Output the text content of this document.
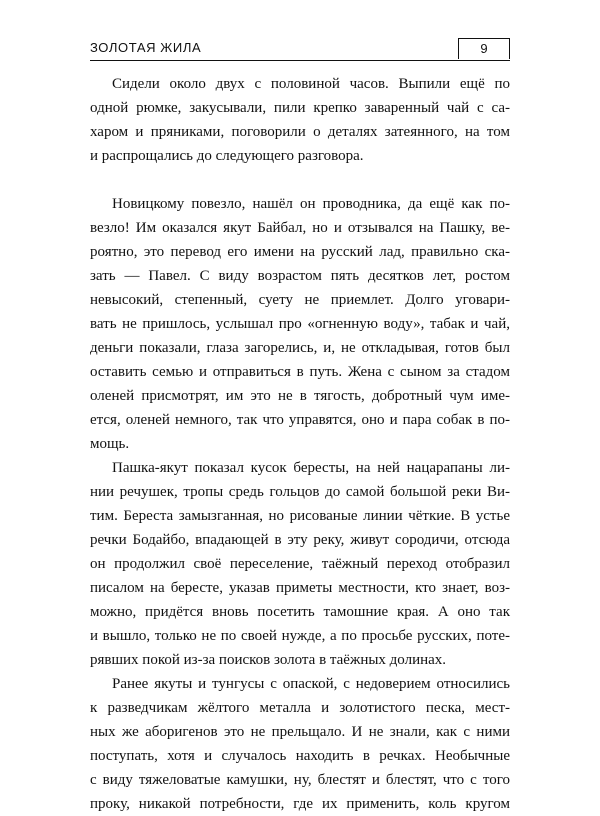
ЗОЛОТАЯ ЖИЛА	9
Сидели около двух с половиной часов. Выпили ещё по
одной рюмке, закусывали, пили крепко заваренный чай с са-
харом и пряниками, поговорили о деталях затеянного, на том
и распрощались до следующего разговора.
Новицкому повезло, нашёл он проводника, да ещё как по-
везло! Им оказался якут Байбал, но и отзывался на Пашку, ве-
роятно, это перевод его имени на русский лад, правильно ска-
зать — Павел. С виду возрастом пять десятков лет, ростом
невысокий, степенный, суету не приемлет. Долго уговари-
вать не пришлось, услышал про «огненную воду», табак и чай,
деньги показали, глаза загорелись, и, не откладывая, готов был
оставить семью и отправиться в путь. Жена с сыном за стадом
оленей присмотрят, им это не в тягость, добротный чум име-
ется, оленей немного, так что управятся, оно и пара собак в по-
мощь.
Пашка-якут показал кусок бересты, на ней нацарапаны ли-
нии речушек, тропы средь гольцов до самой большой реки Ви-
тим. Береста замызганная, но рисованые линии чёткие. В устье
речки Бодайбо, впадающей в эту реку, живут сородичи, отсюда
он продолжил своё переселение, таёжный переход отобразил
писалом на бересте, указав приметы местности, кто знает, воз-
можно, придётся вновь посетить тамошние края. А оно так
и вышло, только не по своей нужде, а по просьбе русских, поте-
рявших покой из-за поисков золота в таёжных долинах.
Ранее якуты и тунгусы с опаской, с недоверием относились
к разведчикам жёлтого металла и золотистого песка, мест-
ных же аборигенов это не прельщало. И не знали, как с ними
поступать, хотя и случалось находить в речках. Необычные
с виду тяжеловатые камушки, ну, блестят и блестят, что с того
проку, никакой потребности, где их применить, коль кругом
